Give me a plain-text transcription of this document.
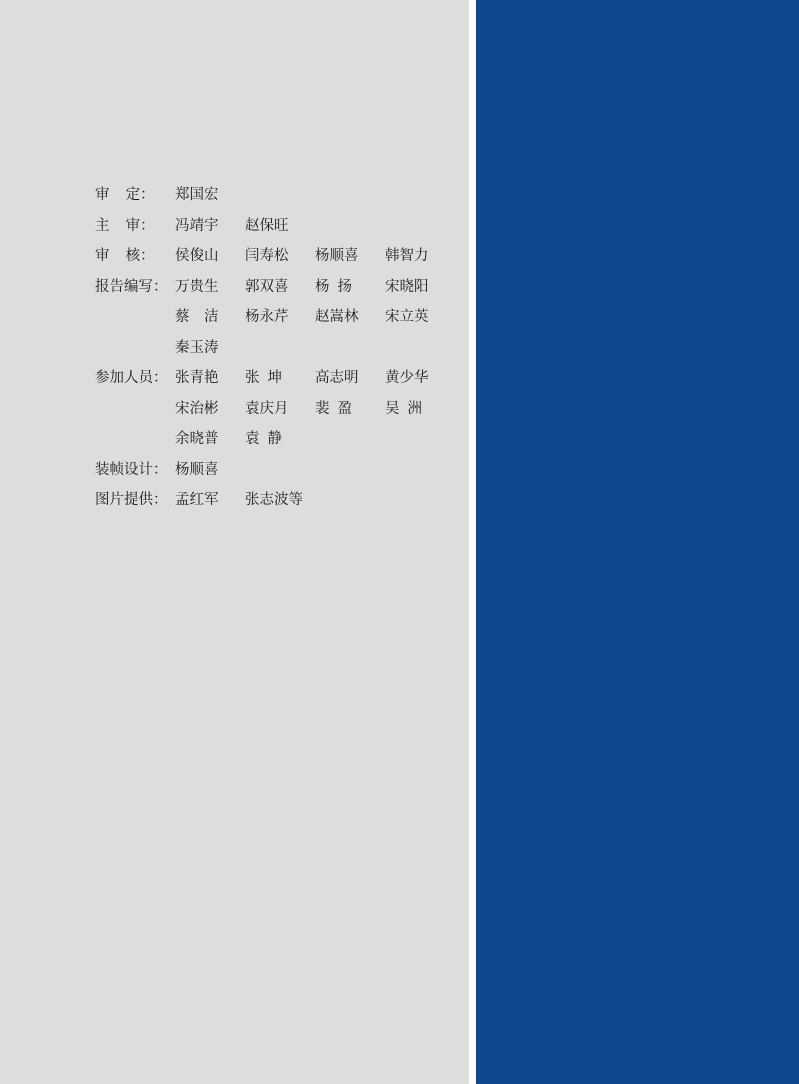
审    定：	郑国宏
主    审：	冯靖宇	赵保旺
审    核：	侯俊山	闫寿松	杨顺喜	韩智力
报告编写： 万贵生	郭双喜	杨  扬	宋晓阳
蔡　洁	杨永芹	赵嵩林	宋立英
秦玉涛
参加人员： 张青艳	张  坤	高志明	黄少华
宋治彬	袁庆月	裴  盈	吴  洲
余晓普	袁  静
装帧设计： 杨顺喜
图片提供： 孟红军	张志波等
